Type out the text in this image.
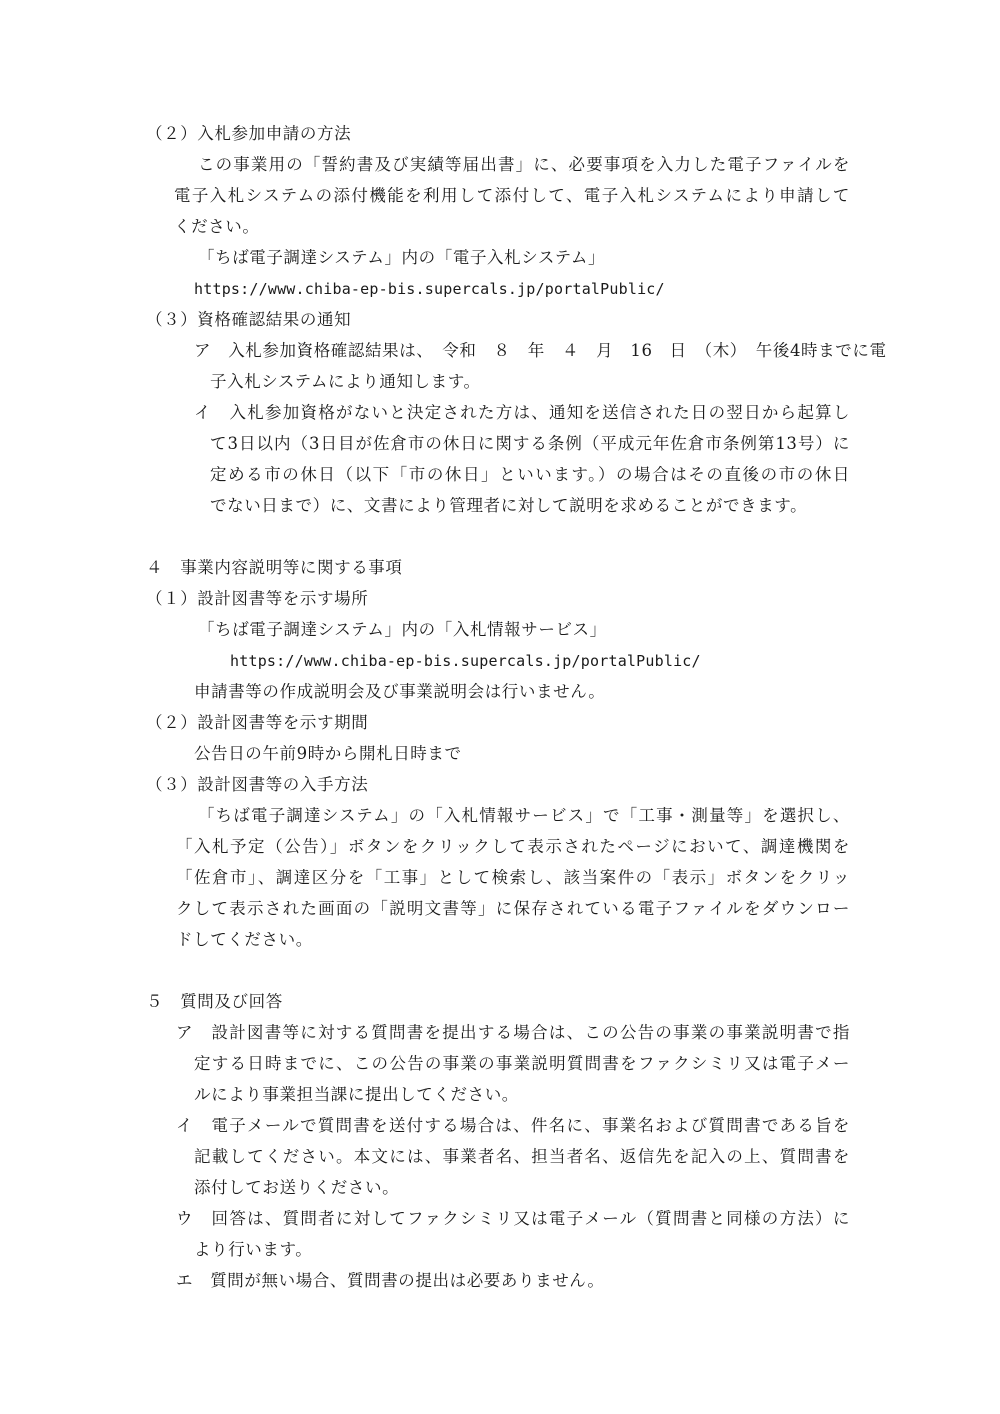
（２）入札参加申請の方法
この事業用の「誓約書及び実績等届出書」に、必要事項を入力した電子ファイルを
電子入札システムの添付機能を利用して添付して、電子入札システムにより申請して
ください。
「ちば電子調達システム」内の「電子入札システム」
https://www.chiba-ep-bis.supercals.jp/portalPublic/
（３）資格確認結果の通知
ア　入札参加資格確認結果は、　令和　８　年　４　月　16　日　（木）　午後4時までに電
子入札システムにより通知します。
イ　入札参加資格がないと決定された方は、通知を送信された日の翌日から起算し
て3日以内（3日目が佐倉市の休日に関する条例（平成元年佐倉市条例第13号）に
定める市の休日（以下「市の休日」といいます。）の場合はその直後の市の休日
でない日まで）に、文書により管理者に対して説明を求めることができます。
４　事業内容説明等に関する事項
（１）設計図書等を示す場所
「ちば電子調達システム」内の「入札情報サービス」
https://www.chiba-ep-bis.supercals.jp/portalPublic/
申請書等の作成説明会及び事業説明会は行いません。
（２）設計図書等を示す期間
公告日の午前9時から開札日時まで
（３）設計図書等の入手方法
「ちば電子調達システム」の「入札情報サービス」で「工事・測量等」を選択し、
「入札予定（公告）」ボタンをクリックして表示されたページにおいて、調達機関を
「佐倉市」、調達区分を「工事」として検索し、該当案件の「表示」ボタンをクリッ
クして表示された画面の「説明文書等」に保存されている電子ファイルをダウンロー
ドしてください。
５　質問及び回答
ア　設計図書等に対する質問書を提出する場合は、この公告の事業の事業説明書で指
定する日時までに、この公告の事業の事業説明質問書をファクシミリ又は電子メー
ルにより事業担当課に提出してください。
イ　電子メールで質問書を送付する場合は、件名に、事業名および質問書である旨を
記載してください。本文には、事業者名、担当者名、返信先を記入の上、質問書を
添付してお送りください。
ウ　回答は、質問者に対してファクシミリ又は電子メール（質問書と同様の方法）に
より行います。
エ　質問が無い場合、質問書の提出は必要ありません。
